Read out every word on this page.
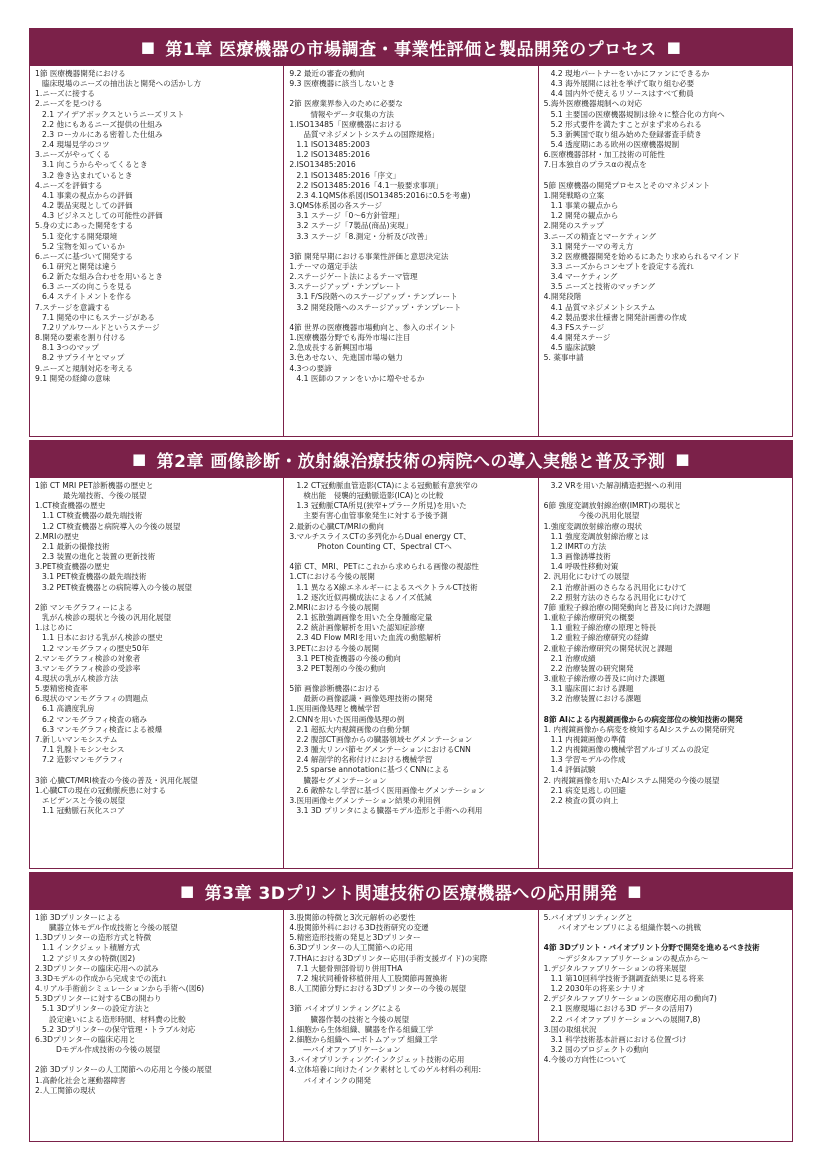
■ 第1章 医療機器の市場調査・事業性評価と製品開発のプロセス ■
1節 医療機器開発における
臨床現場のニーズの抽出法と開発への活かし方
1.ニーズに接する
2.ニーズを見つける
2.1 アイデアボックスというニーズリスト
2.2 他にもあるニーズ提供の仕組み
2.3 ローカルにある密着した仕組み
2.4 現場見学のコツ
3.ニーズがやってくる
3.1 向こうからやってくるとき
3.2 巻き込まれているとき
4.ニーズを評価する
4.1 事業の視点からの評価
4.2 製品実現としての評価
4.3 ビジネスとしての可能性の評価
5.身の丈にあった開発をする
5.1 変化する開発環境
5.2 宝物を知っているか
6.ニーズに基づいて開発する
6.1 研究と開発は違う
6.2 新たな組み合わせを用いるとき
6.3 ニーズの向こうを見る
6.4 ステイトメントを作る
7.ステージを意識する
7.1 開発の中にもステージがある
7.2リアルワールドというステージ
8.開発の要素を割り付ける
8.1 3つのマップ
8.2 サプライヤとマップ
9.ニーズと規制対応を考える
9.1 開発の経緯の意味
9.2 最近の審査の動向
9.3 医療機器に該当しないとき

2節 医療業界参入のために必要な
情報やデータ収集の方法
1.ISO13485「医療機器における
品質マネジメントシステムの国際規格」
1.1 ISO13485:2003
1.2 ISO13485:2016
2.ISO13485:2016
2.1 ISO13485:2016「序文」
2.2 ISO13485:2016「4.1一般要求事項」
2.3 4.1QMS体系図(ISO13485:2016に0.5を考慮)
3.QMS体系図の各ステージ
3.1 ステージ「0～6方針管理」
3.2 ステージ「7製品(商品)実現」
3.3 ステージ「8.測定・分析及び改善」

3節 開発早期における事業性評価と意思決定法
1.テーマの選定手法
2.ステージゲート法によるテーマ管理
3.ステージアップ・テンプレート
3.1 F/S段階へのステージアップ・テンプレート
3.2 開発段階へのステージアップ・テンプレート

4節 世界の医療機器市場動向と、参入のポイント
1.医療機器分野でも海外市場に注目
2.急成長する新興国市場
3.色あせない、先進国市場の魅力
4.3つの要諦
4.1 医師のファンをいかに増やせるか
4.2 現地パートナーをいかにファンにできるか
4.3 海外展開には社を挙げて取り組む必要
4.4 国内外で使えるリソースはすべて動員
5.海外医療機器規制への対応
5.1 主要国の医療機器規制は徐々に整合化の方向へ
5.2 形式要件を満たすことがまず求められる
5.3 新興国で取り組み始めた登録審査手続き
5.4 透度期にある欧州の医療機器規制
6.医療機器部材・加工技術の可能性
7.日本独自のプラスαの視点を

5節 医療機器の開発プロセスとそのマネジメント
1.開発戦略の立案
1.1 事業の観点から
1.2 開発の観点から
2.開発のステップ
3.ニーズの精査とマーケティング
3.1 開発テーマの考え方
3.2 医療機器開発を始めるにあたり求められるマインド
3.3 ニーズからコンセプトを設定する流れ
3.4 マーケティング
3.5 ニーズと技術のマッチング
4.開発段階
4.1 品質マネジメントシステム
4.2 製品要求仕様書と開発計画書の作成
4.3 FSステージ
4.4 開発ステージ
4.5 臨床試験
5. 薬事申請
■ 第2章 画像診断・放射線治療技術の病院への導入実態と普及予測 ■
1節 CT MRI PET診断機器の歴史と
最先端技術、今後の展望
1.CT検査機器の歴史
1.1 CT検査機器の最先端技術
1.2 CT検査機器と病院導入の今後の展望
2.MRIの歴史
2.1 最新の撮像技術
2.3 装置の進化と装置の更新技術
3.PET検査機器の歴史
3.1 PET検査機器の最先端技術
3.2 PET検査機器との病院導入の今後の展望

2節 マンモグラフィーによる
乳がん検診の現状と今後の汎用化展望
1.はじめに
1.1 日本における乳がん検診の歴史
1.2 マンモグラフィの歴史50年
2.マンモグラフィ検診の対象者
3.マンモグラフィ検診の受診率
4.現状の乳がん検診方法
5.要精密検査率
6.現状のマンモグラフィの問題点
6.1 高濃度乳房
6.2 マンモグラフィ検査の痛み
6.3 マンモグラフィ検査による被爆
7.新しいマンモシステム
7.1 乳腺トモシンセシス
7.2 造影マンモグラフィ

3節 心臓CT/MRI検査の今後の普及・汎用化展望
1.心臓CTの現在の冠動脈疾患に対する
エビデンスと今後の展望
1.1 冠動脈石灰化スコア
1.2 CT冠動脈血管造影(CTA)による冠動脈有意狭窄の
検出能　侵襲的冠動脈造影(ICA)との比較
1.3 冠動脈CTA所見(狭窄+プラーク所見)を用いた
主要有害心血管事象発生に対する予後予測
2.最新の心臓CT/MRIの動向
3.マルチスライスCTの多列化からDual energy CT、
Photon Counting CT、Spectral CTへ

4節 CT、MRI、PETにこれから求められる画像の視認性
1.CTにおける今後の展開
1.1 異なるX線エネルギーによるスペクトラルCT技術
1.2 逐次近似再構成法によるノイズ低減
2.MRIにおける今後の展開
2.1 拡散強調画像を用いた全身腫瘍定量
2.2 統計画像解析を用いた認知症診療
2.3 4D Flow MRIを用いた血流の動態解析
3.PETにおける今後の展開
3.1 PET検査機器の今後の動向
3.2 PET製剤の今後の動向

5節 画像診断機器における
最新の画像認識・画像処理技術の開発
1.医用画像処理と機械学習
2.CNNを用いた医用画像処理の例
2.1 超拡大内視鏡画像の自動分類
2.2 腹部CT画像からの臓器領域セグメンテーション
2.3 腫大リンパ節セグメンテーションにおけるCNN
2.4 解剖学的名称付けにおける機械学習
2.5 sparse annotationに基づくCNNによる
臓器セグメンテーション
2.6 敵酔なし学習に基づく医用画像セグメンテーション
3.医用画像セグメンテーション結果の利用例
3.1 3D プリンタによる臓器モデル造形と手術への利用
3.2 VRを用いた解剖構造把握への利用

6節 強度変調放射線治療(IMRT)の現状と
今後の汎用化展望
1.強度変調放射線治療の現状
1.1 強度変調放射線治療とは
1.2 IMRTの方法
1.3 画像誘導技術
1.4 呼吸性移動対策
2. 汎用化にむけての展望
2.1 治療計画のさらなる汎用化にむけて
2.2 照射方法のさらなる汎用化にむけて
7節 重粒子線治療の開発動向と普及に向けた課題
1.重粒子線治療研究の概要
1.1 重粒子線治療の原理と特長
1.2 重粒子線治療研究の経緯
2.重粒子線治療研究の開発状況と課題
2.1 治療成績
2.2 治療装置の研究開発
3.重粒子線治療の普及に向けた課題
3.1 臨床面における課題
3.2 治療装置における課題

8節 AIによる内視鏡画像からの病変部位の検知技術の開発
1. 内視鏡画像から病変を検知するAIシステムの開発研究
1.1 内視鏡画像の準備
1.2 内視鏡画像の機械学習アルゴリズムの設定
1.3 学習モデルの作成
1.4 評価試験
2. 内視鏡画像を用いたAIシステム開発の今後の展望
2.1 病変見逃しの回避
2.2 検査の質の向上
■ 第3章 3Dプリント関連技術の医療機器への応用開発 ■
1節 3Dプリンターによる
臓器立体モデル作成技術と今後の展望
1.3Dプリンターの造形方式と特徴
1.1 インクジェット積層方式
1.2 アジリスタの特徴(図2)
2.3Dプリンターの臨床応用への試み
3.3Dモデルの作成から完成までの流れ
4.リアル手術前シミュレーションから手術へ(図6)
5.3Dプリンターに対するCBの開わり
5.1 3Dプリンターの設定方法と
設定違いによる造形時間、材料費の比較
5.2 3Dプリンターの保守管理・トラブル対応
6.3Dプリンターの臨床応用と
Dモデル作成技術の今後の展望

2節 3Dプリンターの人工関節への応用と今後の展望
1.高齢化社会と運動器障害
2.人工関節の現状
3.股関節の特徴と3次元解析の必要性
4.股関節外科における3D技術研究の変遷
5.精密造形技術の発見と3Dプリンター
6.3Dプリンターの人工関節への応用
7.THAにおける3Dプリンター応用(手術支援ガイド)の実際
7.1 大腿骨頸部骨切り併用THA
7.2 塊状同種骨移植併用人工股関節再置換術
8.人工関節分野における3Dプリンターの今後の展望

3節 バイオプリンティングによる
臓器作製の技術と今後の展望
1.細胞から生体組織、臓器を作る組織工学
2.細胞から組織へ ―ボトムアップ 組織工学
―バイオファブリケーション
3.バイオプリンティング:インクジェット技術の応用
4.立体培養に向けたインク素材としてのゲル材料の利用:
バイオインクの開発
5.バイオプリンティングと
バイオアセンブリによる組織作製への挑戦

4節 3Dプリント・バイオプリント分野で開発を進めるべき技術
～デジタルファブリケーションの視点から～
1.デジタルファブリケーションの将来展望
1.1 第10回科学技術予測調査結果に見る将来
1.2 2030年の将来シナリオ
2.デジタルファブリケーションの医療応用の動向7)
2.1 医療現場における3D データの活用7)
2.2 バイオファブリケーションへの展開7,8)
3.国の取組状況
3.1 科学技術基本計画における位置づけ
3.2 国のプロジェクトの動向
4.今後の方向性について
